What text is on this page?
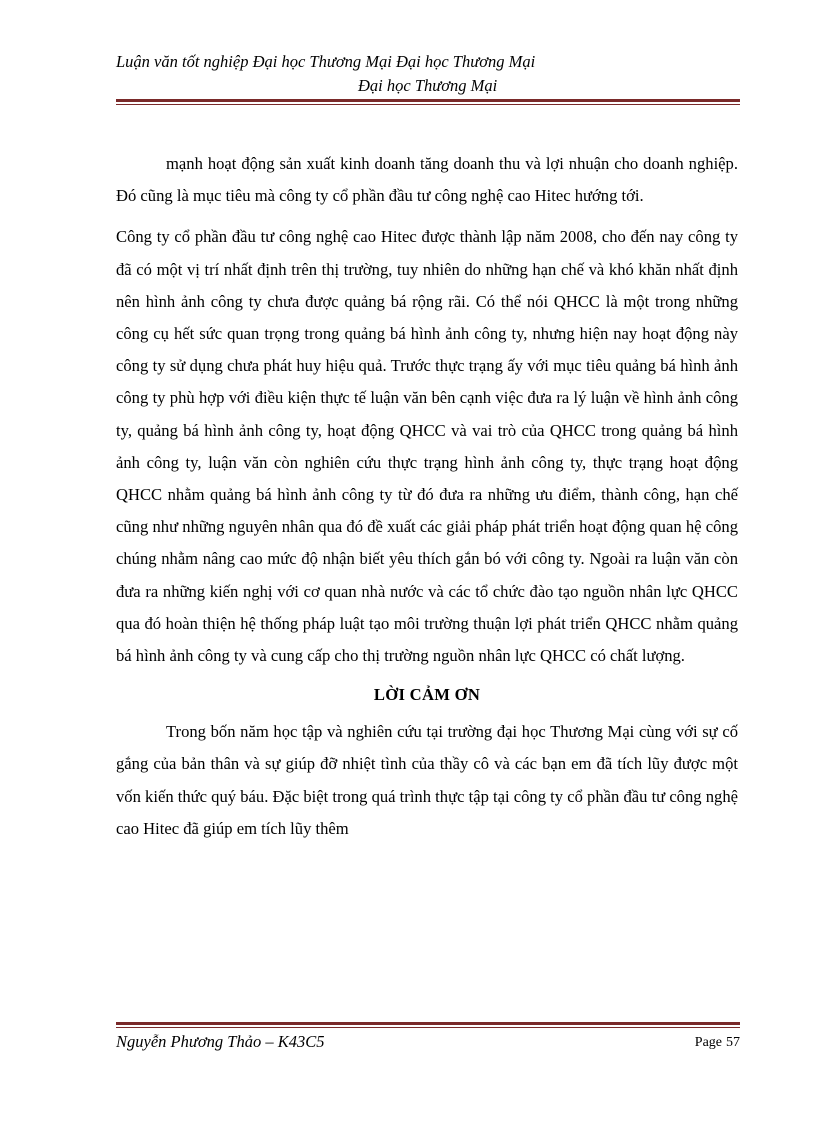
Luận văn tốt nghiệp Đại học Thương Mại Đại học Thương Mại
Đại học Thương Mại

mạnh hoạt động sản xuất kinh doanh tăng doanh thu và lợi nhuận cho doanh nghiệp. Đó cũng là mục tiêu mà công ty cổ phần đầu tư công nghệ cao Hitec hướng tới.

Công ty cổ phần đầu tư công nghệ cao Hitec được thành lập năm 2008, cho đến nay công ty đã có một vị trí nhất định trên thị trường, tuy nhiên do những hạn chế và khó khăn nhất định nên hình ảnh công ty chưa được quảng bá rộng rãi. Có thể nói QHCC là một trong những công cụ hết sức quan trọng trong quảng bá hình ảnh công ty, nhưng hiện nay hoạt động này công ty sử dụng chưa phát huy hiệu quả. Trước thực trạng ấy với mục tiêu quảng bá hình ảnh công ty phù hợp với điều kiện thực tế luận văn bên cạnh việc đưa ra lý luận về hình ảnh công ty, quảng bá hình ảnh công ty, hoạt động QHCC và vai trò của QHCC trong quảng bá hình ảnh công ty, luận văn còn nghiên cứu thực trạng hình ảnh công ty, thực trạng hoạt động QHCC nhằm quảng bá hình ảnh công ty từ đó đưa ra những ưu điểm, thành công, hạn chế cũng như những nguyên nhân qua đó đề xuất các giải pháp phát triển hoạt động quan hệ công chúng nhằm nâng cao mức độ nhận biết yêu thích gắn bó với công ty. Ngoài ra luận văn còn đưa ra những kiến nghị với cơ quan nhà nước và các tổ chức đào tạo nguồn nhân lực QHCC qua đó hoàn thiện hệ thống pháp luật tạo môi trường thuận lợi phát triển QHCC nhằm quảng bá hình ảnh công ty và cung cấp cho thị trường nguồn nhân lực QHCC có chất lượng.

LỜI CẢM ƠN

Trong bốn năm học tập và nghiên cứu tại trường đại học Thương Mại cùng với sự cố gắng của bản thân và sự giúp đỡ nhiệt tình của thầy cô và các bạn em đã tích lũy được một vốn kiến thức quý báu. Đặc biệt trong quá trình thực tập tại công ty cổ phần đầu tư công nghệ cao Hitec đã giúp em tích lũy thêm

Nguyễn Phương Thảo – K43C5	Page 57
